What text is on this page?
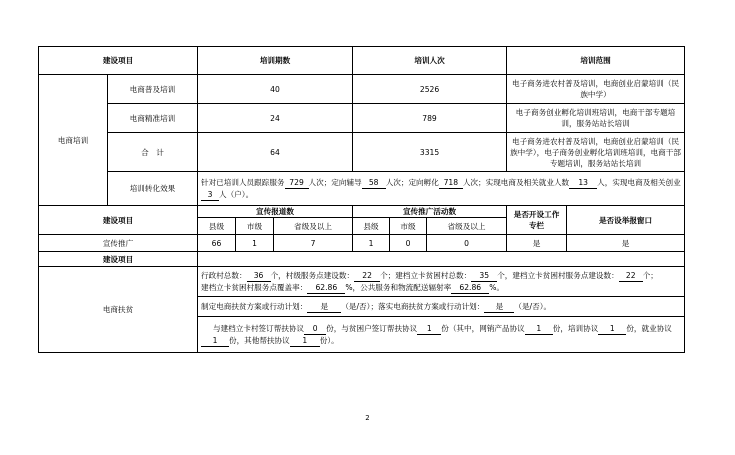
建设项目		培训期数			培训人次			培训范围	
电商培训	电商普及培训	40			2526			电子商务进农村普及培训，电商创业启蒙培训（民族中学）	
	电商精准培训	24			789			电子商务创业孵化培训班培训，电商干部专题培训，服务站站长培训	
	合　计	64			3315			电子商务进农村普及培训，电商创业启蒙培训（民族中学），电子商务创业孵化培训班培训，电商干部专题培训，服务站站长培训	
	培训转化效果	针对已培训人员跟踪服务 729 人次；定向辅导 58 人次；定向孵化 718 人次；实现电商及相关就业人数 13 人，实现电商及相关创业3 人（户）。							
建设项目		宣传报道数			宣传推广活动数			是否开设工作专栏	是否设举报窗口
		县级	市级	省级及以上	县级	市级	省级及以上		
宣传推广		66	1	7	1	0	0	是	是
建设项目									
电商扶贫		行政村总数： 36 个，村级服务点建设数： 22 个；建档立卡贫困村总数： 35 个，建档立卡贫困村服务点建设数： 22 个；
建档立卡贫困村服务点覆盖率： 62.86 %，公共服务和物流配送辐射率 62.86 %。							
		制定电商扶贫方案或行动计划： 是 （是/否）；落实电商扶贫方案或行动计划： 是 （是/否）。							
		与建档立卡村签订帮扶协议 0 份，与贫困户签订帮扶协议 1 份（其中，网销产品协议 1 份，培训协议 1 份，就业协议1 份，其他帮扶协议 1 份）。							
2
